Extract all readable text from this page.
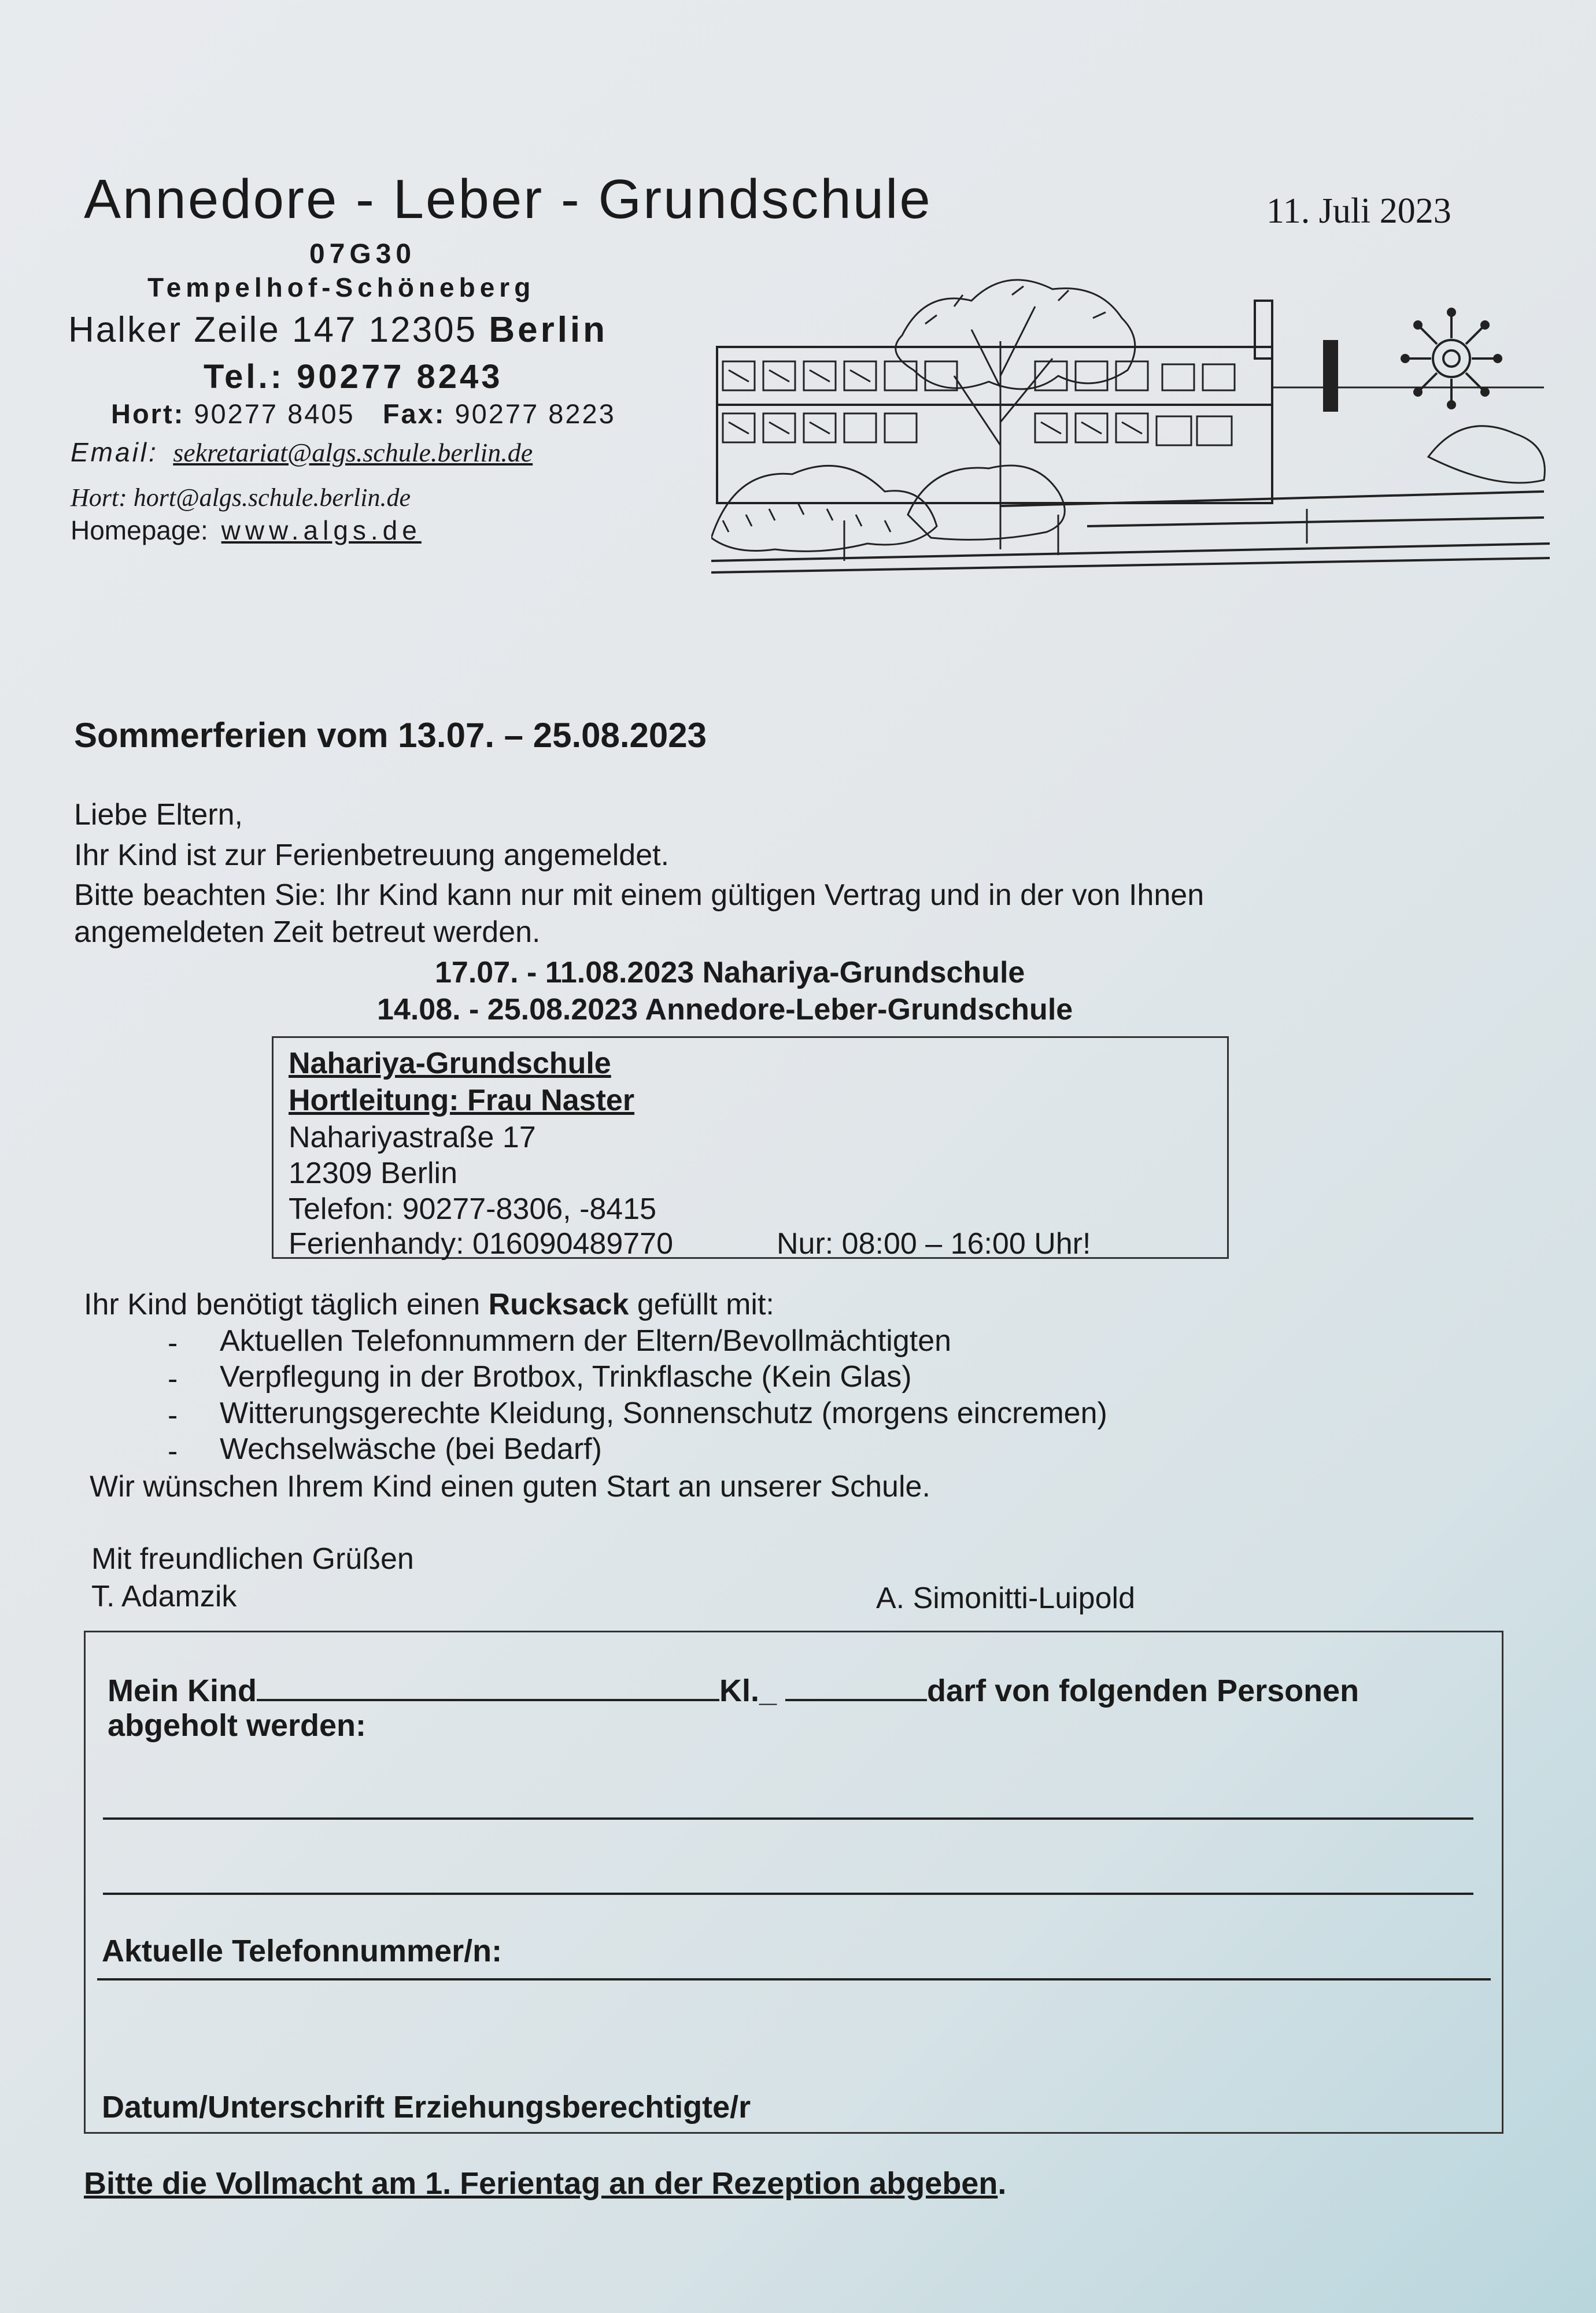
Annedore - Leber - Grundschule	11. Juli 2023
07G30
Tempelhof-Schöneberg
Halker Zeile 147 12305 Berlin
Tel.: 90277 8243
Hort: 90277 8405 Fax: 90277 8223
Email: sekretariat@algs.schule.berlin.de
Hort: hort@algs.schule.berlin.de
Homepage: www.algs.de
Sommerferien vom 13.07. – 25.08.2023
Liebe Eltern,
Ihr Kind ist zur Ferienbetreuung angemeldet.
Bitte beachten Sie: Ihr Kind kann nur mit einem gültigen Vertrag und in der von Ihnen
angemeldeten Zeit betreut werden.
17.07. - 11.08.2023 Nahariya-Grundschule
14.08. - 25.08.2023 Annedore-Leber-Grundschule
Nahariya-Grundschule
Hortleitung: Frau Naster
Nahariyastraße 17
12309 Berlin
Telefon: 90277-8306, -8415
Ferienhandy: 016090489770	Nur: 08:00 – 16:00 Uhr!
Ihr Kind benötigt täglich einen Rucksack gefüllt mit:
- Aktuellen Telefonnummern der Eltern/Bevollmächtigten
- Verpflegung in der Brotbox, Trinkflasche (Kein Glas)
- Witterungsgerechte Kleidung, Sonnenschutz (morgens eincremen)
- Wechselwäsche (bei Bedarf)
Wir wünschen Ihrem Kind einen guten Start an unserer Schule.
Mit freundlichen Grüßen
T. Adamzik	A. Simonitti-Luipold
Mein Kind	Kl._	darf von folgenden Personen
abgeholt werden:
Aktuelle Telefonnummer/n:
Datum/Unterschrift Erziehungsberechtigte/r
Bitte die Vollmacht am 1. Ferientag an der Rezeption abgeben.
